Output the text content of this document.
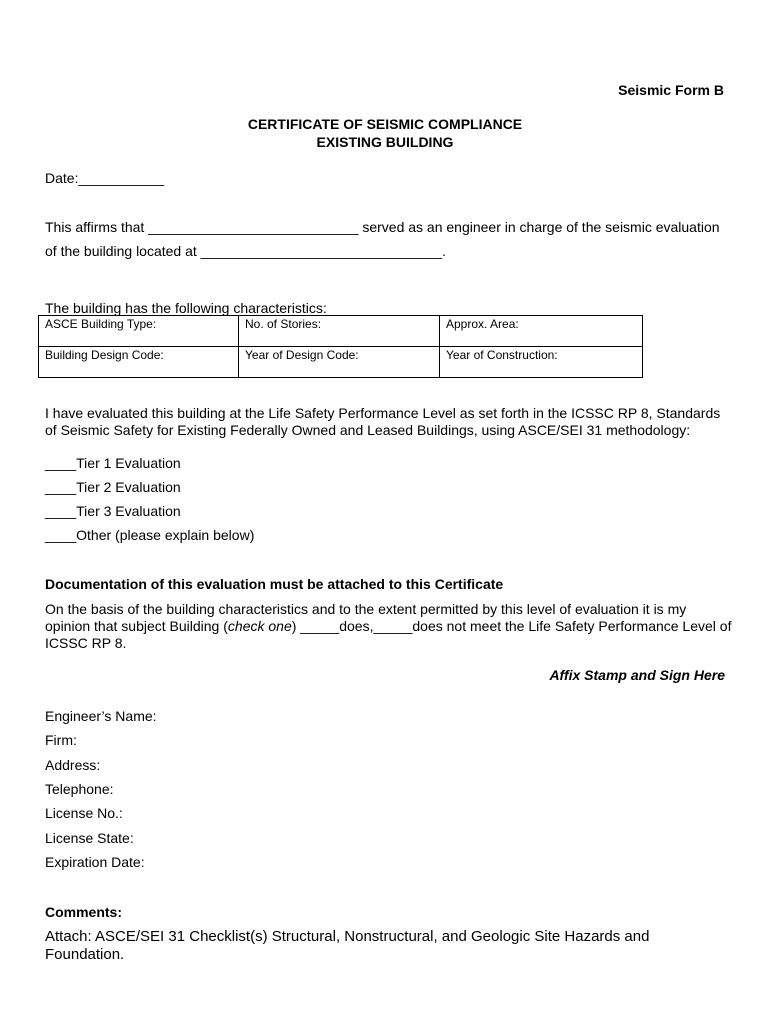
Seismic Form B
CERTIFICATE OF SEISMIC COMPLIANCE
EXISTING BUILDING
Date:___________
This affirms that ___________________________ served as an engineer in charge of the seismic evaluation
of the building located at _______________________________.
The building has the following characteristics:
ASCE Building Type:	No. of Stories:	Approx. Area:
Building Design Code:	Year of Design Code:	Year of Construction:
I have evaluated this building at the Life Safety Performance Level as set forth in the ICSSC RP 8, Standards
of Seismic Safety for Existing Federally Owned and Leased Buildings, using ASCE/SEI 31 methodology:
____Tier 1 Evaluation
____Tier 2 Evaluation
____Tier 3 Evaluation
____Other (please explain below)
Documentation of this evaluation must be attached to this Certificate
On the basis of the building characteristics and to the extent permitted by this level of evaluation it is my
opinion that subject Building (check one) _____does,_____does not meet the Life Safety Performance Level of
ICSSC RP 8.
Affix Stamp and Sign Here
Engineer’s Name:
Firm:
Address:
Telephone:
License No.:
License State:
Expiration Date:
Comments:
Attach: ASCE/SEI 31 Checklist(s) Structural, Nonstructural, and Geologic Site Hazards and
Foundation.
